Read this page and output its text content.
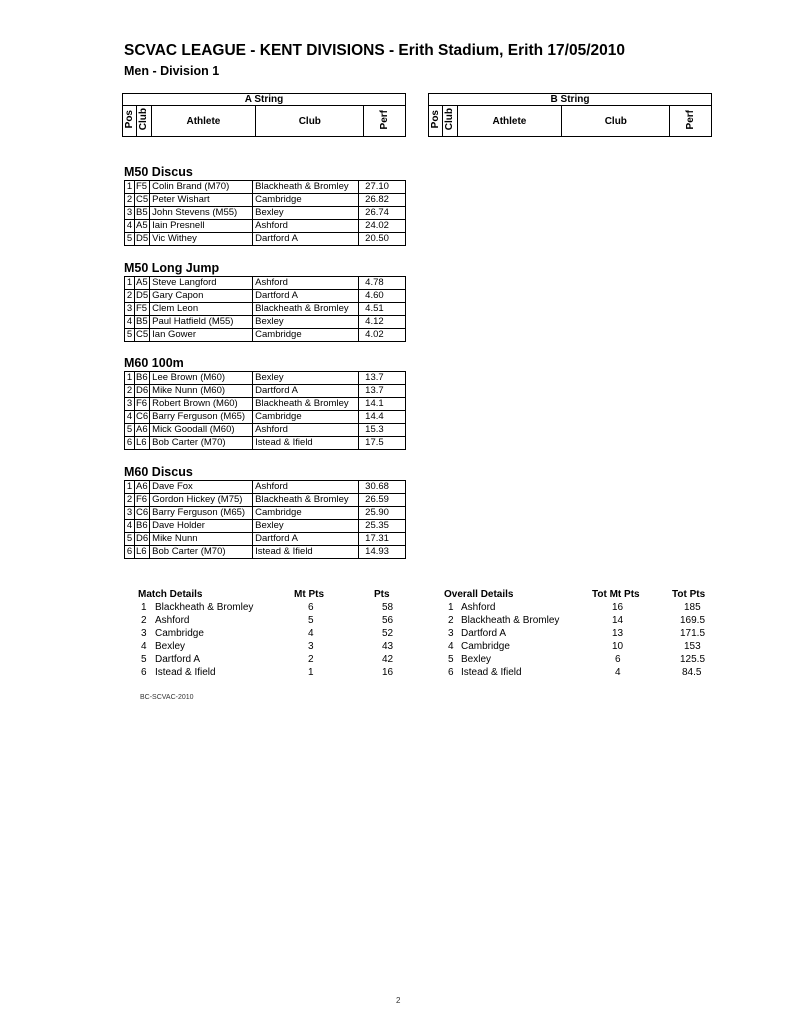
SCVAC LEAGUE - KENT DIVISIONS - Erith Stadium, Erith 17/05/2010
Men - Division 1
A String
Pos	Club	Athlete	Club	Perf
B String
Pos	Club	Athlete	Club	Perf
M50 Discus
1	F5	Colin Brand (M70)	Blackheath & Bromley	27.10
2	C5	Peter Wishart	Cambridge	26.82
3	B5	John Stevens (M55)	Bexley	26.74
4	A5	Iain Presnell	Ashford	24.02
5	D5	Vic Withey	Dartford A	20.50
M50 Long Jump
1	A5	Steve Langford	Ashford	4.78
2	D5	Gary Capon	Dartford A	4.60
3	F5	Clem Leon	Blackheath & Bromley	4.51
4	B5	Paul Hatfield (M55)	Bexley	4.12
5	C5	Ian Gower	Cambridge	4.02
M60 100m
1	B6	Lee Brown (M60)	Bexley	13.7
2	D6	Mike Nunn (M60)	Dartford A	13.7
3	F6	Robert Brown (M60)	Blackheath & Bromley	14.1
4	C6	Barry Ferguson (M65)	Cambridge	14.4
5	A6	Mick Goodall (M60)	Ashford	15.3
6	L6	Bob Carter (M70)	Istead & Ifield	17.5
M60 Discus
1	A6	Dave Fox	Ashford	30.68
2	F6	Gordon Hickey (M75)	Blackheath & Bromley	26.59
3	C6	Barry Ferguson (M65)	Cambridge	25.90
4	B6	Dave Holder	Bexley	25.35
5	D6	Mike Nunn	Dartford A	17.31
6	L6	Bob Carter (M70)	Istead & Ifield	14.93
Match Details	Mt Pts	Pts
1 Blackheath & Bromley	6	58
2 Ashford	5	56
3 Cambridge	4	52
4 Bexley	3	43
5 Dartford A	2	42
6 Istead & Ifield	1	16
Overall Details	Tot Mt Pts	Tot Pts
1 Ashford	16	185
2 Blackheath & Bromley	14	169.5
3 Dartford A	13	171.5
4 Cambridge	10	153
5 Bexley	6	125.5
6 Istead & Ifield	4	84.5
BC-SCVAC-2010
2
